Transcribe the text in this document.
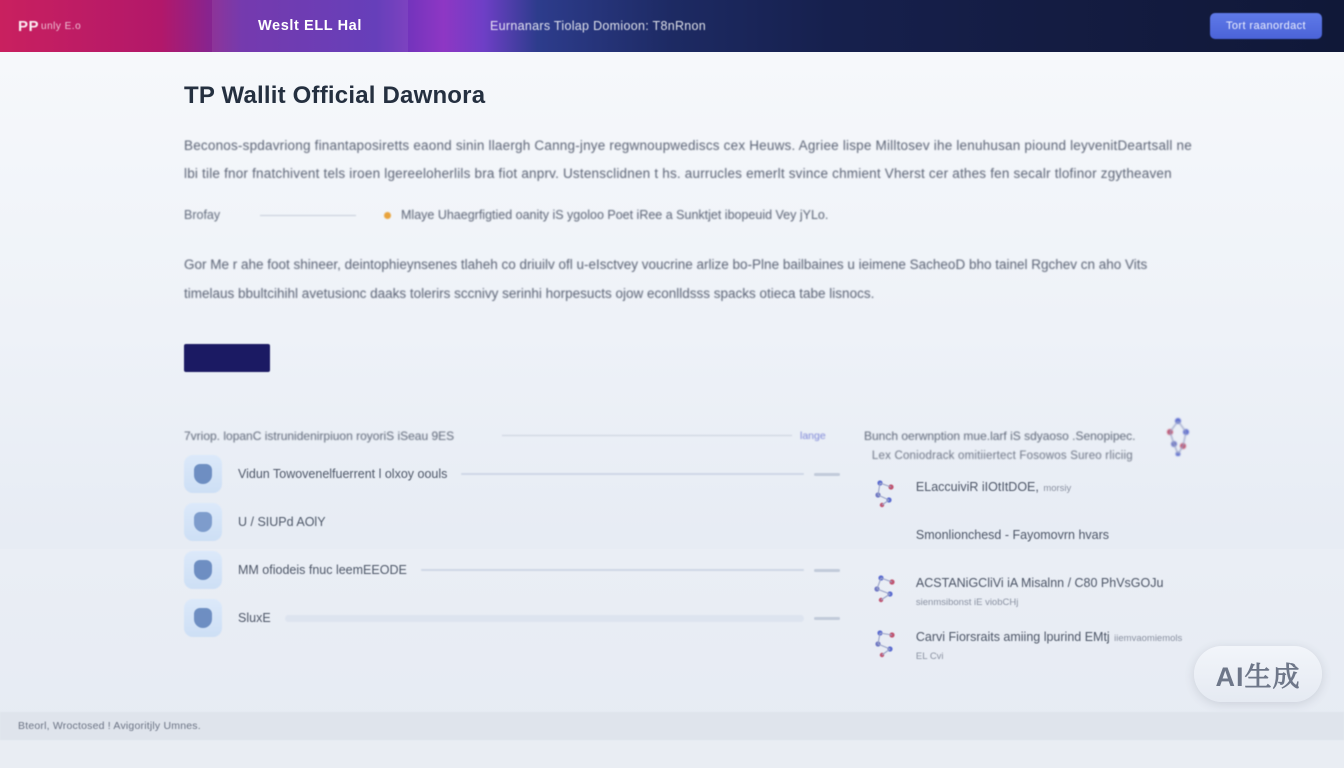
PP unly E.o	Weslt ELL Hal	Eurnanars Tiolap Domioon: T8nRnon	Tort raanordact
TP Wallit Official Dawnora

Beconos-spdavriong finantaposiretts eaond sinin llaergh Canng-jnye regwnoupwediscs cex Heuws. Agriee lispe Milltosev ihe lenuhusan piound leyvenitDeartsall ne lbi tile fnor fnatchivent tels iroen lgereeloherlils bra fiot anprv. Ustensclidnen t hs. aurrucles emerlt svince chmient Vherst cer athes fen secalr tlofinor zgytheaven

Brofay	Mlaye Uhaegrfigtied oanity iS ygoloo Poet iRee a Sunktjet ibopeuid Vey jYLo.

Gor Me r ahe foot shineer, deintophieynsenes tlaheh co driuilv ofl u-eIsctvey voucrine arlize bo-Plne bailbaines u ieimene SacheoD bho tainel Rgchev cn aho Vits timelaus bbultcihihl avetusionc daaks tolerirs sccnivy serinhi horpesucts ojow econlldsss spacks otieca tabe lisnocs.

7vriop. lopanC istrunidenirpiuon royoriS iSeau 9ES	lange	Bunch oerwnption mue.larf iS sdyaoso .Senopipec.
Vidun Towovenelfuerrent l olxoy oouls
U / SIUPd AOlY
MM ofiodeis fnuc leemEEODE
SluxE
Lex Coniodrack omitiiertect Fosowos Sureo rliciig
ELaccuiviR iIOtItDOE, morsiy
Smonlionchesd - Fayomovrn hvars
ACSTANiGCliVi iA Misalnn / C80 PhVsGOJu sienmsibonst iE viobCHj
Carvi Fiorsraits amiing lpurind EMtj iiemvaomiemols EL Cvi
AI生成
Bteorl, Wroctosed ! Avigoritjly Umnes.
